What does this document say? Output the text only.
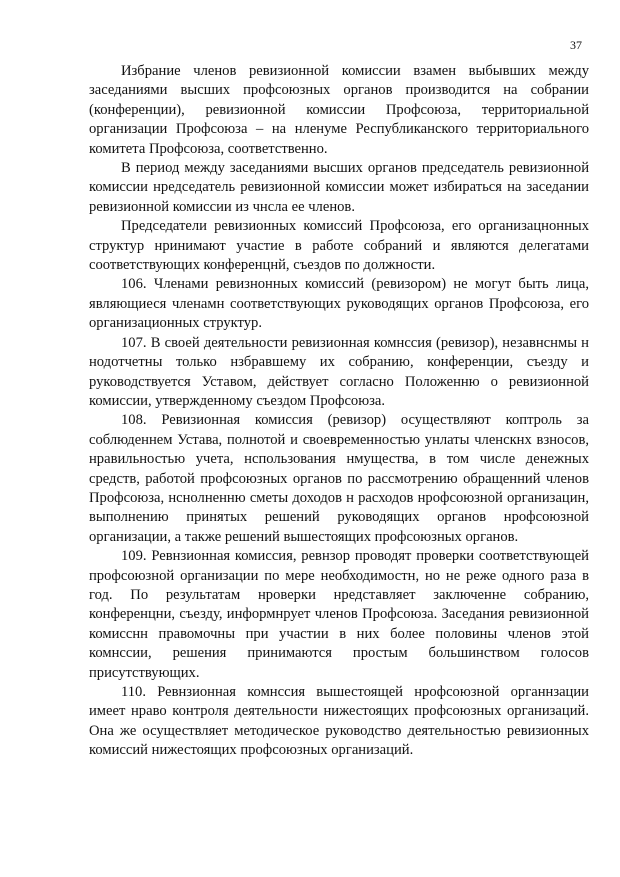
37

Избрание членов ревизионной комиссии взамен выбывших между заседаниями высших профсоюзных органов производится на собрании (конференции), ревизионной комиссии Профсоюза, территориальной организации Профсоюза – на нленуме Республиканского территориального комитета Профсоюза, соответственно.

В период между заседаниями высших органов председатель ревизионной комиссии нредседатель ревизионной комиссии может избираться на заседании ревизионной комиссии из чнсла ее членов.

Председатели ревизионных комиссий Профсоюза, его организацнонных структур нринимают участие в работе собраний и являются делегатами соответствующих конференцнй, съездов по должности.

106. Членами ревизнонных комиссий (ревизором) не могут быть лица, являющиеся членамн соответствующих руководящих органов Профсоюза, его организационных структур.

107. В своей деятельности ревизионная комнссия (ревизор), незавнснмы н нодотчетны только нзбравшему их собранию, конференции, съезду и руководствуется Уставом, действует согласно Положенню о ревизионной комиссии, утвержденному съездом Профсоюза.

108. Ревизионная комиссия (ревизор) осуществляют коптроль за соблюденнем Устава, полнотой и своевременностью унлаты членскнх взносов, нравильностью учета, нспользования нмущества, в том числе денежных средств, работой профсоюзных органов по рассмотрению обращенний членов Профсоюза, нснолненню сметы доходов н расходов нрофсоюзной организацин, выполнению принятых решений руководящих органов нрофсоюзной организации, а также решений вышестоящих профсоюзных органов.

109. Ревнзионная комиссия, ревнзор проводят проверки соответствующей профсоюзной организации по мере необходимостн, но не реже одного раза в год. По результатам нроверки нредставляет заключенне собранию, конференцни, съезду, информнрует членов Профсоюза. Заседания ревизионной комисснн правомочны при участии в них более половины членов этой комнссии, решения принимаются простым большинством голосов присутствующих.

110. Ревнзионная комнссия вышестоящей нрофсоюзной органнзации имеет нраво контроля деятельности нижестоящих профсоюзных организаций. Она же осуществляет методическое руководство деятельностью ревизионных комиссий нижестоящих профсоюзных организаций.
